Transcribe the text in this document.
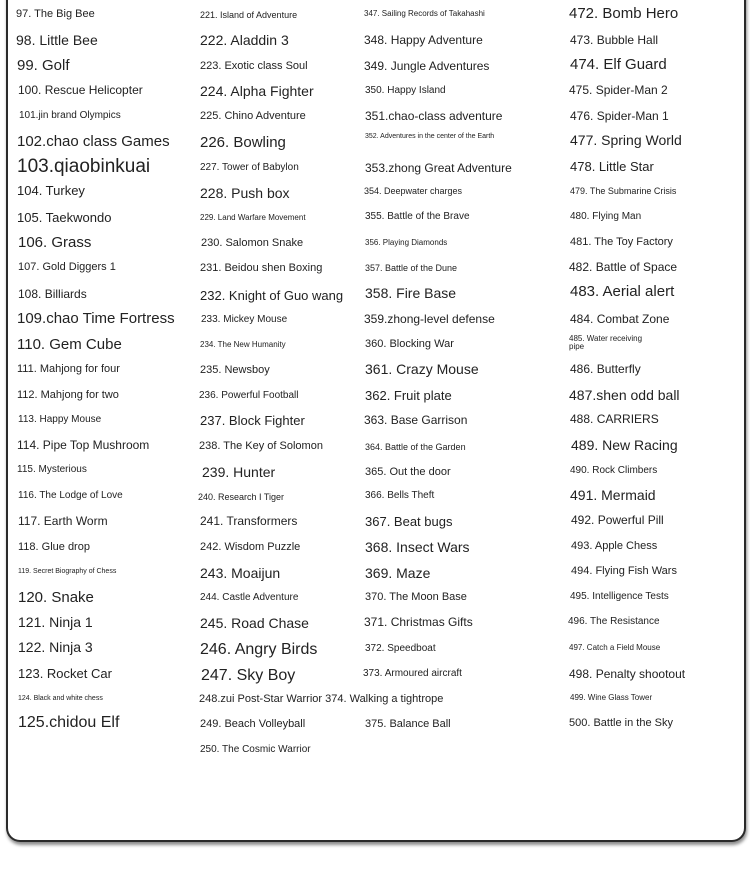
97. The Big Bee
98. Little Bee
99. Golf
100. Rescue Helicopter
101.jin brand Olympics
102.chao class Games
103.qiaobinkuai
104. Turkey
105. Taekwondo
106. Grass
107. Gold Diggers 1
108. Billiards
109.chao Time Fortress
110. Gem Cube
111. Mahjong for four
112. Mahjong for two
113. Happy Mouse
114. Pipe Top Mushroom
115. Mysterious
116. The Lodge of Love
117. Earth Worm
118. Glue drop
119. Secret Biography of Chess
120. Snake
121. Ninja 1
122. Ninja 3
123. Rocket Car
124. Black and white chess
125.chidou Elf
221. Island of Adventure
222. Aladdin 3
223. Exotic class Soul
224. Alpha Fighter
225. Chino Adventure
226. Bowling
227. Tower of Babylon
228. Push box
229. Land Warfare Movement
230. Salomon Snake
231. Beidou shen Boxing
232. Knight of Guo wang
233. Mickey Mouse
234. The New Humanity
235. Newsboy
236. Powerful Football
237. Block Fighter
238. The Key of Solomon
239. Hunter
240. Research I Tiger
241. Transformers
242. Wisdom Puzzle
243. Moaijun
244. Castle Adventure
245. Road Chase
246. Angry Birds
247. Sky Boy
248.zui Post-Star Warrior 374. Walking a tightrope
249. Beach Volleyball
250. The Cosmic Warrior
347. Sailing Records of Takahashi
348. Happy Adventure
349. Jungle Adventures
350. Happy Island
351.chao-class adventure
352. Adventures in the center of the Earth
353.zhong Great Adventure
354. Deepwater charges
355. Battle of the Brave
356. Playing Diamonds
357. Battle of the Dune
358. Fire Base
359.zhong-level defense
360. Blocking War
361. Crazy Mouse
362. Fruit plate
363. Base Garrison
364. Battle of the Garden
365. Out the door
366. Bells Theft
367. Beat bugs
368. Insect Wars
369. Maze
370. The Moon Base
371. Christmas Gifts
372. Speedboat
373. Armoured aircraft
375. Balance Ball
472. Bomb Hero
473. Bubble Hall
474. Elf Guard
475. Spider-Man 2
476. Spider-Man 1
477. Spring World
478. Little Star
479. The Submarine Crisis
480. Flying Man
481. The Toy Factory
482. Battle of Space
483. Aerial alert
484. Combat Zone
485. Water receiving pipe
486. Butterfly
487.shen odd ball
488. CARRIERS
489. New Racing
490. Rock Climbers
491. Mermaid
492. Powerful Pill
493. Apple Chess
494. Flying Fish Wars
495. Intelligence Tests
496. The Resistance
497. Catch a Field Mouse
498. Penalty shootout
499. Wine Glass Tower
500. Battle in the Sky
